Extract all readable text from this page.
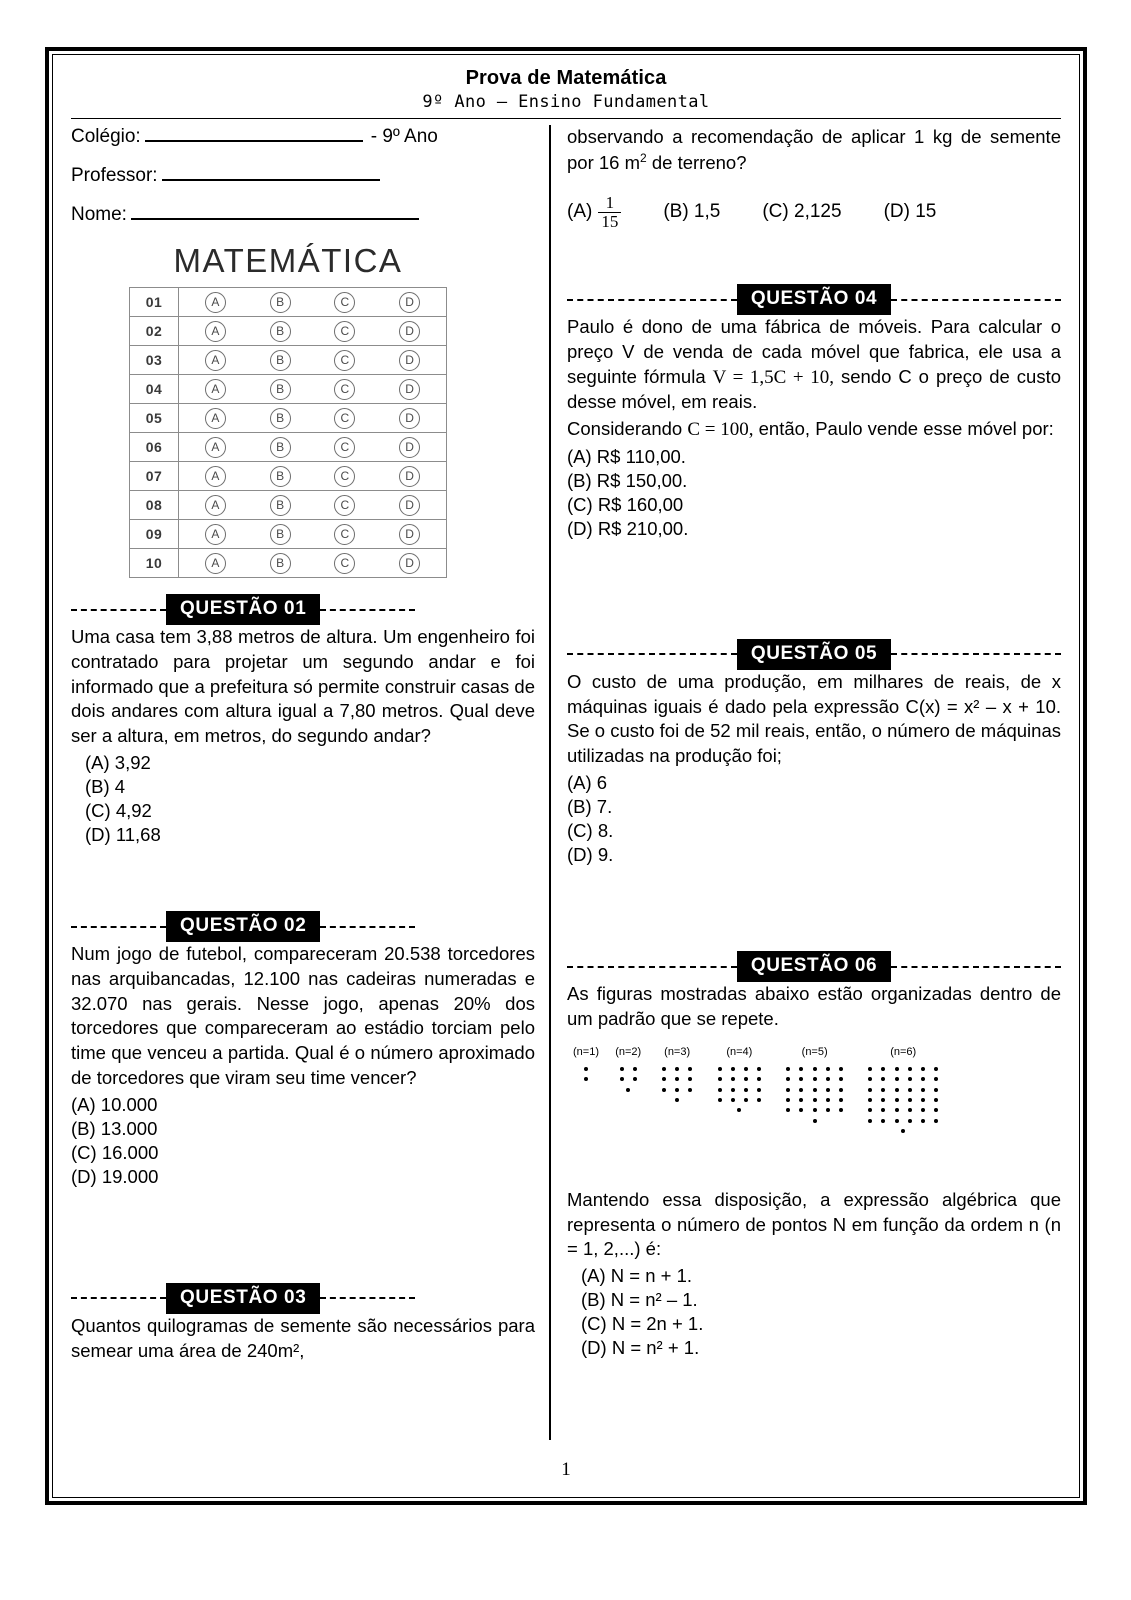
Prova de Matemática
9º Ano – Ensino Fundamental
Colégio:	- 9º Ano
Professor:
Nome:
MATEMÁTICA
01	A B C D

02	A B C D

03	A B C D

04	A B C D

05	A B C D

06	A B C D

07	A B C D

08	A B C D

09	A B C D

10	A B C D
QUESTÃO 01
Uma casa tem 3,88 metros de altura. Um engenheiro foi contratado para projetar um segundo andar e foi informado que a prefeitura só permite construir casas de dois andares com altura igual a 7,80 metros. Qual deve ser a altura, em metros, do segundo andar?
(A) 3,92
(B) 4
(C) 4,92
(D) 11,68
QUESTÃO 02
Num jogo de futebol, compareceram 20.538 torcedores nas arquibancadas, 12.100 nas cadeiras numeradas e 32.070 nas gerais. Nesse jogo, apenas 20% dos torcedores que compareceram ao estádio torciam pelo time que venceu a partida. Qual é o número aproximado de torcedores que viram seu time vencer?
(A) 10.000
(B) 13.000
(C) 16.000
(D) 19.000
QUESTÃO 03
Quantos quilogramas de semente são necessários para semear uma área de 240m²,
observando a recomendação de aplicar 1 kg de semente por 16 $m^2$ de terreno?
$(A) \frac{1}{15} (B)$ 1,5 (C) 2,125 (D) 15
QUESTÃO 04
Paulo é dono de uma fábrica de móveis. Para calcular o preço V de venda de cada móvel que fabrica, ele usa a seguinte fórmula V = 1,5C + 10, sendo C o preço de custo desse móvel, em reais.
Considerando C = 100, então, Paulo vende esse móvel por:
(A) R$ 110,00.
(B) R$ 150,00.
(C) R$ 160,00
(D) R$ 210,00.
QUESTÃO 05
O custo de uma produção, em milhares de reais, de x máquinas iguais é dado pela expressão C(x) = x² – x + 10. Se o custo foi de 52 mil reais, então, o número de máquinas utilizadas na produção foi;
(A) 6
(B) 7.
(C) 8.
(D) 9.
QUESTÃO 06
As figuras mostradas abaixo estão organizadas dentro de um padrão que se repete.
(n=1) (n=2) (n=3)	(n=4)	(n=5)	(n=6)
Mantendo essa disposição, a expressão algébrica que representa o número de pontos N em função da ordem n (n = 1, 2,...) é:
(A) N = n + 1.
(B) N = n² – 1.
(C) N = 2n + 1.
(D) N = n² + 1.
1
